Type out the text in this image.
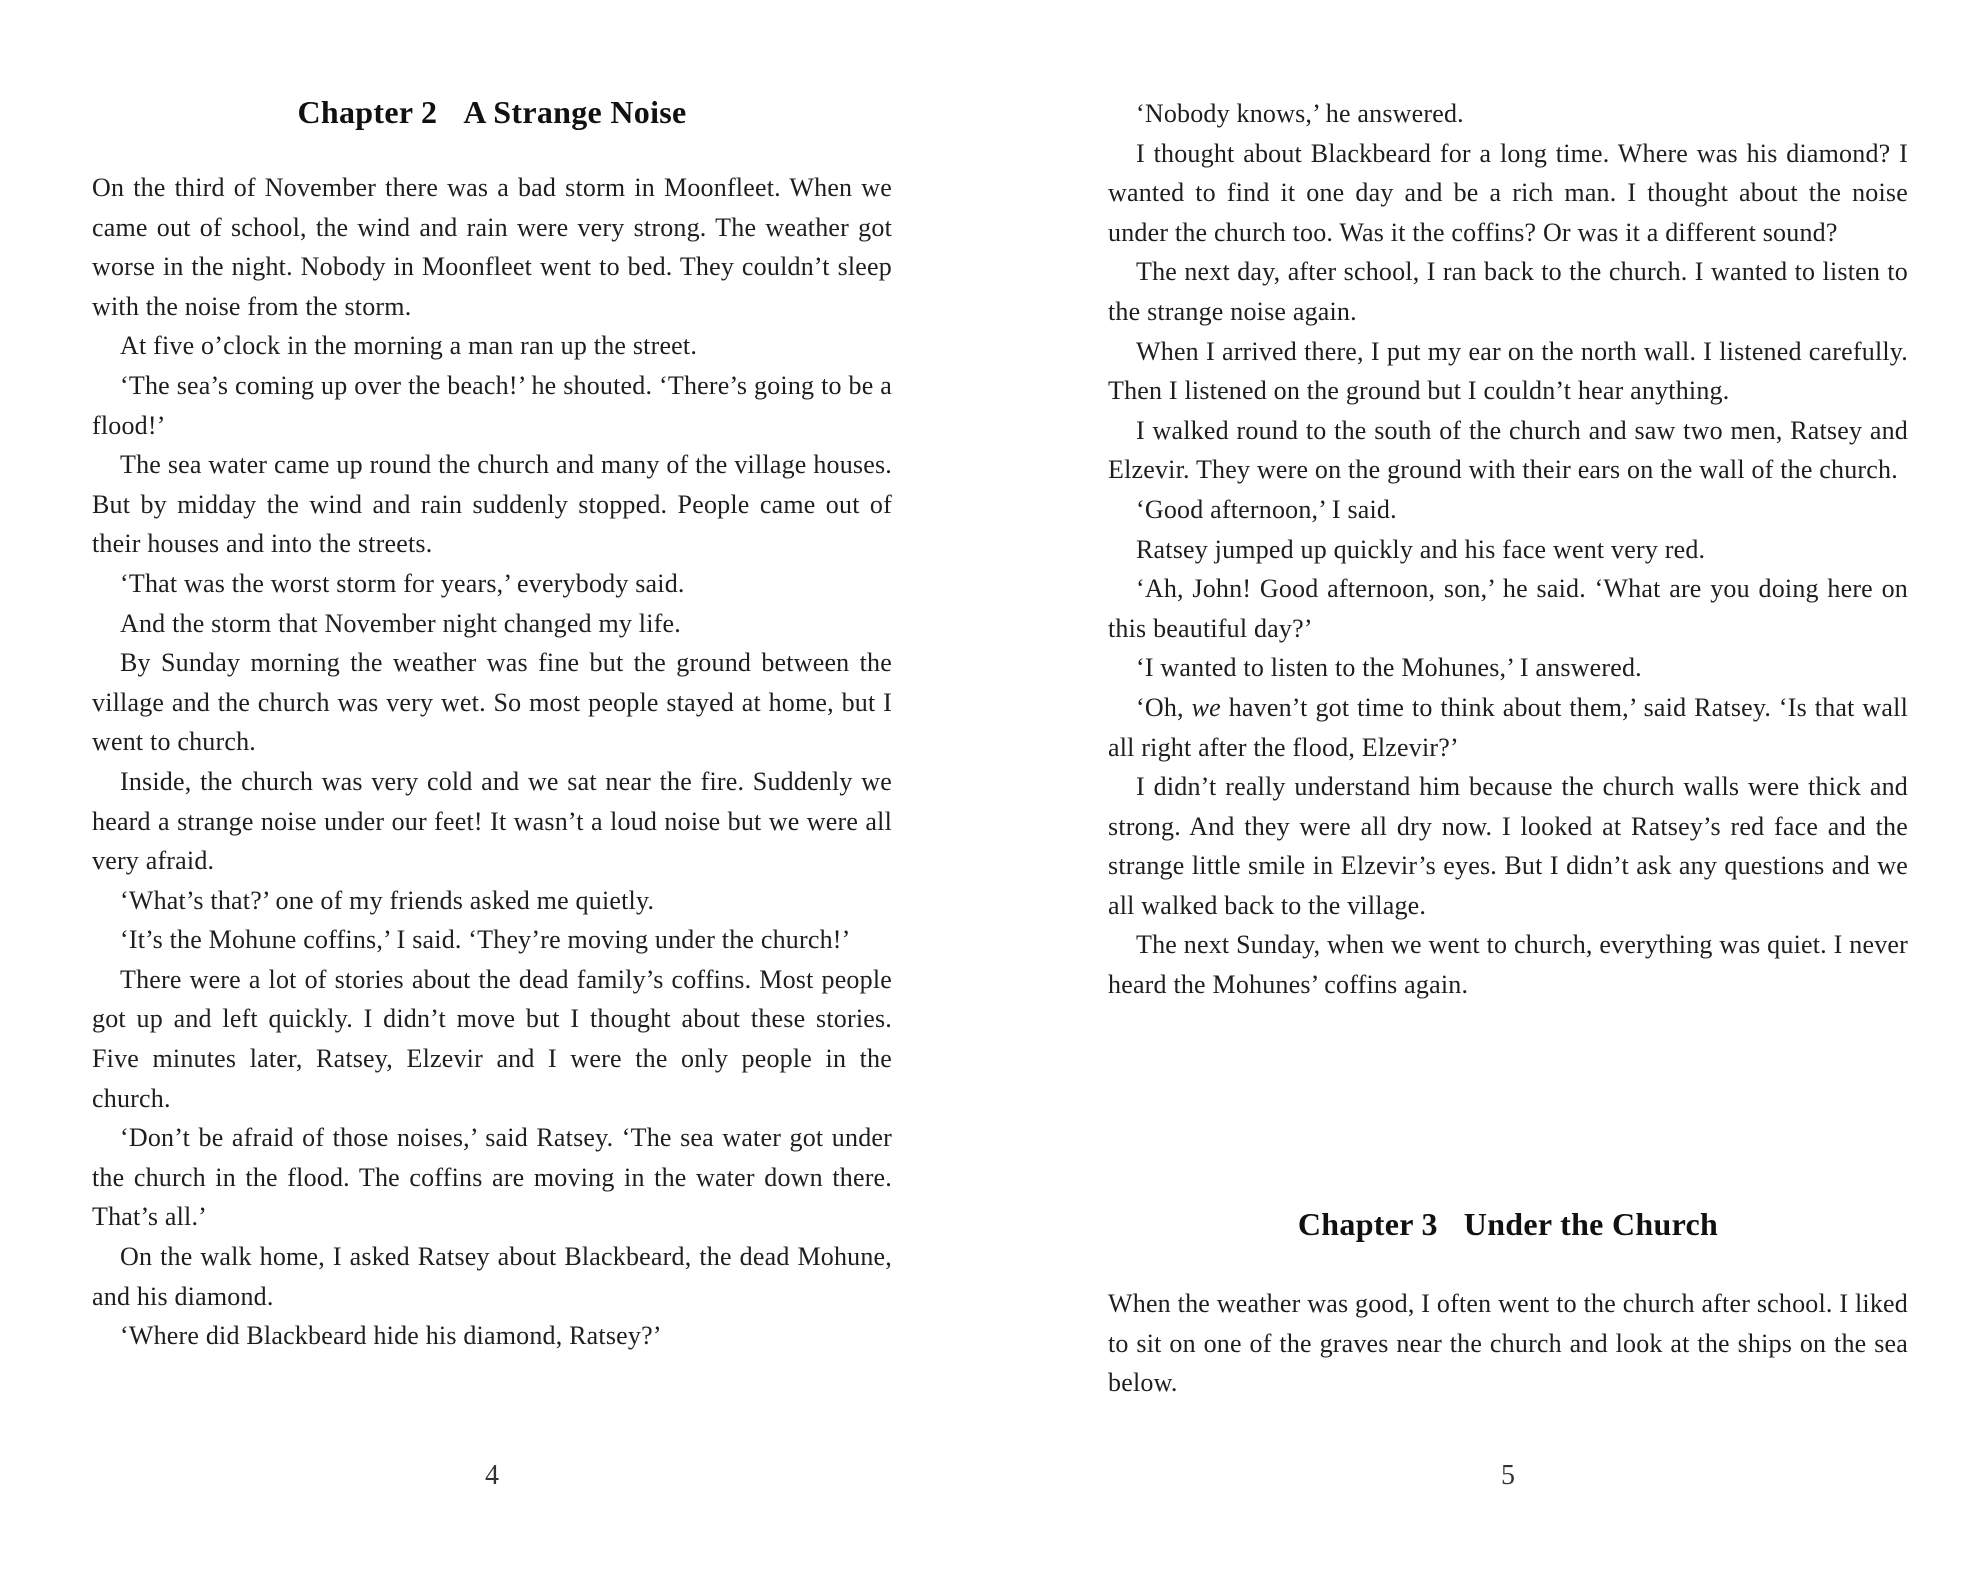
Chapter 2 A Strange Noise

On the third of November there was a bad storm in Moonfleet. When we came out of school, the wind and rain were very strong. The weather got worse in the night. Nobody in Moonfleet went to bed. They couldn’t sleep with the noise from the storm.

At five o’clock in the morning a man ran up the street.

‘The sea’s coming up over the beach!’ he shouted. ‘There’s going to be a flood!’

The sea water came up round the church and many of the village houses. But by midday the wind and rain suddenly stopped. People came out of their houses and into the streets.

‘That was the worst storm for years,’ everybody said.

And the storm that November night changed my life.

By Sunday morning the weather was fine but the ground between the village and the church was very wet. So most people stayed at home, but I went to church.

Inside, the church was very cold and we sat near the fire. Suddenly we heard a strange noise under our feet! It wasn’t a loud noise but we were all very afraid.

‘What’s that?’ one of my friends asked me quietly.

‘It’s the Mohune coffins,’ I said. ‘They’re moving under the church!’

There were a lot of stories about the dead family’s coffins. Most people got up and left quickly. I didn’t move but I thought about these stories. Five minutes later, Ratsey, Elzevir and I were the only people in the church.

‘Don’t be afraid of those noises,’ said Ratsey. ‘The sea water got under the church in the flood. The coffins are moving in the water down there. That’s all.’

On the walk home, I asked Ratsey about Blackbeard, the dead Mohune, and his diamond.

‘Where did Blackbeard hide his diamond, Ratsey?’

4

‘Nobody knows,’ he answered.

I thought about Blackbeard for a long time. Where was his diamond? I wanted to find it one day and be a rich man. I thought about the noise under the church too. Was it the coffins? Or was it a different sound?

The next day, after school, I ran back to the church. I wanted to listen to the strange noise again.

When I arrived there, I put my ear on the north wall. I listened carefully. Then I listened on the ground but I couldn’t hear anything.

I walked round to the south of the church and saw two men, Ratsey and Elzevir. They were on the ground with their ears on the wall of the church.

‘Good afternoon,’ I said.

Ratsey jumped up quickly and his face went very red.

‘Ah, John! Good afternoon, son,’ he said. ‘What are you doing here on this beautiful day?’

‘I wanted to listen to the Mohunes,’ I answered.

‘Oh, we haven’t got time to think about them,’ said Ratsey. ‘Is that wall all right after the flood, Elzevir?’

I didn’t really understand him because the church walls were thick and strong. And they were all dry now. I looked at Ratsey’s red face and the strange little smile in Elzevir’s eyes. But I didn’t ask any questions and we all walked back to the village.

The next Sunday, when we went to church, everything was quiet. I never heard the Mohunes’ coffins again.

Chapter 3 Under the Church

When the weather was good, I often went to the church after school. I liked to sit on one of the graves near the church and look at the ships on the sea below.

5
